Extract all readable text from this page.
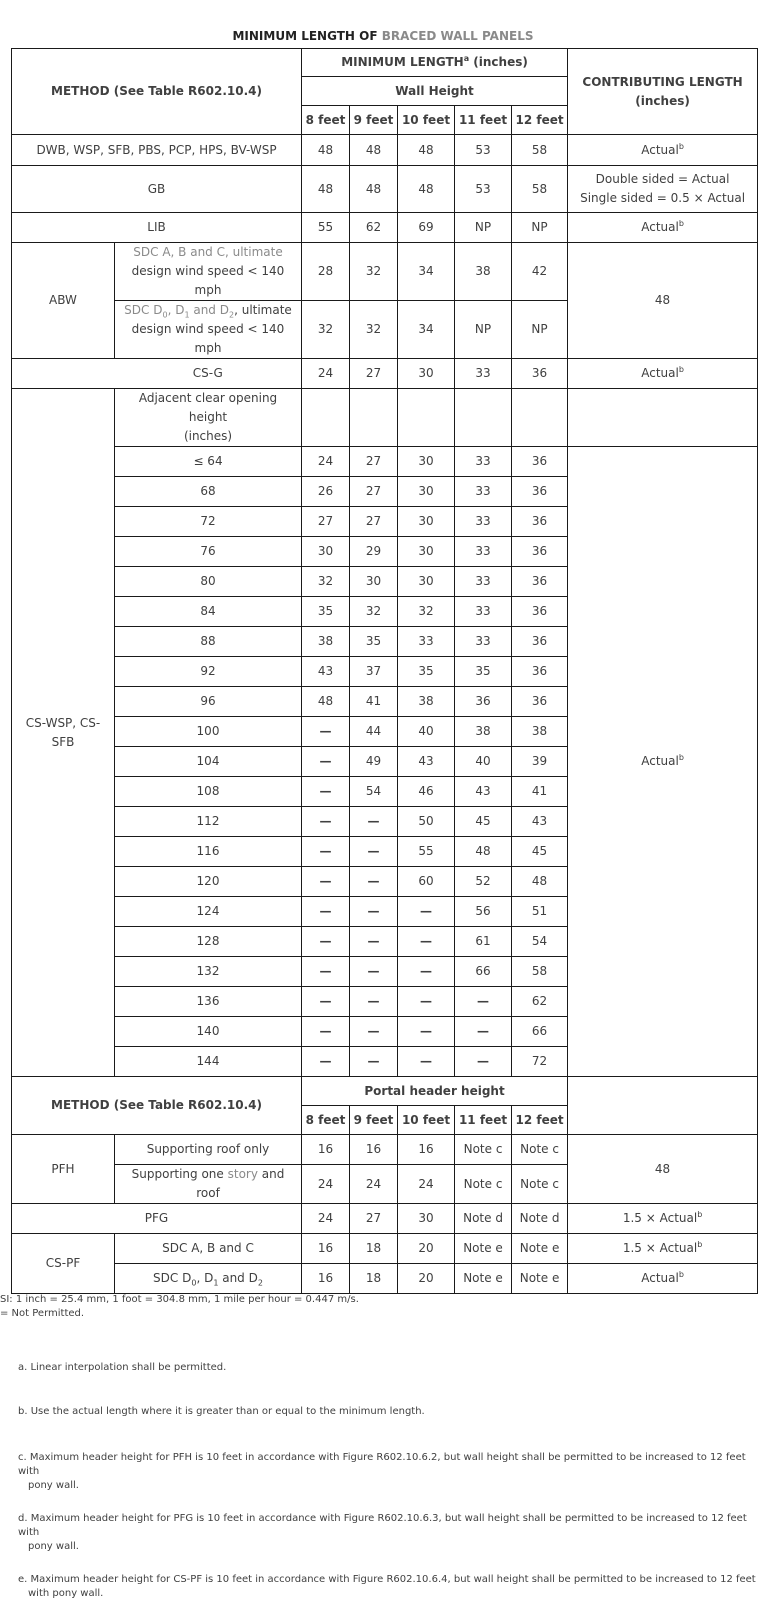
MINIMUM LENGTH OF BRACED WALL PANELS
METHOD (See Table R602.10.4)		MINIMUM LENGTH$^a$ (inches)					CONTRIBUTING LENGTH
(inches)

		Wall Height					
		8 feet	9 feet	10 feet	11 feet	12 feet	
DWB, WSP, SFB, PBS, PCP, HPS, BV-WSP		48	48	48	53	58	Actual$^b$
GB		48	48	48	53	58	Double sided = Actual
Single sided = 0.5 × Actual

LIB		55	62	69	NP	NP	Actual$^b$
ABW	SDC A, B and C, ultimate
design wind speed < 140 mph	28	32	34	38	42	48

	SDC $D_0$, $D_1$ and $D_2$, ultimate
design wind speed < 140 mph	32	32	34	NP	NP	
	CS-G	24	27	30	33	36	Actual$^b$
CS-WSP, CS-SFB	Adjacent clear opening height
(inches)						

	≤ 64	24	27	30	33	36	Actual$^b$
	68	26	27	30	33	36	
	72	27	27	30	33	36	
	76	30	29	30	33	36	
	80	32	30	30	33	36	
	84	35	32	32	33	36	
	88	38	35	33	33	36	
	92	43	37	35	35	36	
	96	48	41	38	36	36	
	100	—	44	40	38	38	
	104	—	49	43	40	39	
	108	—	54	46	43	41	
	112	—	—	50	45	43	
	116	—	—	55	48	45	
	120	—	—	60	52	48	
	124	—	—	—	56	51	
	128	—	—	—	61	54	
	132	—	—	—	66	58	
	136	—	—	—	—	62	
	140	—	—	—	—	66	
	144	—	—	—	—	72	
METHOD (See Table R602.10.4)		Portal header height					
		8 feet	9 feet	10 feet	11 feet	12 feet	
PFH	Supporting roof only	16	16	16	Note c	Note c	48
	Supporting one story and roof	24	24	24	Note c	Note c	
PFG		24	27	30	Note d	Note d	1.5 × Actual$^b$
CS-PF	SDC A, B and C	16	18	20	Note e	Note e	1.5 × Actual$^b$
	SDC $D_0$, $D_1$ and $D_2$	16	18	20	Note e	Note e	Actual$^b$
SI: 1 inch = 25.4 mm, 1 foot = 304.8 mm, 1 mile per hour = 0.447 m/s.
= Not Permitted.
a. Linear interpolation shall be permitted.
b. Use the actual length where it is greater than or equal to the minimum length.
c. Maximum header height for PFH is 10 feet in accordance with Figure R602.10.6.2, but wall height shall be permitted to be increased to 12 feet with
pony wall.
d. Maximum header height for PFG is 10 feet in accordance with Figure R602.10.6.3, but wall height shall be permitted to be increased to 12 feet with
pony wall.
e. Maximum header height for CS-PF is 10 feet in accordance with Figure R602.10.6.4, but wall height shall be permitted to be increased to 12 feet
with pony wall.
